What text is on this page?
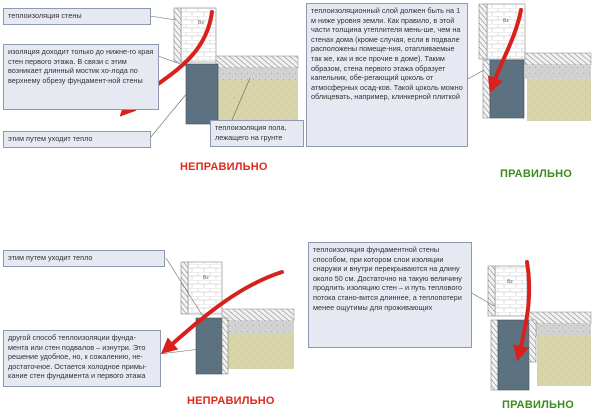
Bz	Bz
Bz
Bz
теплоизоляция стены
изоляция доходит только до нижне-го края стен первого этажа. В связи с этим возникает длинный мостик хо-лода по верхнему обрезу фундамент-ной стены
этим путем уходит тепло
теплоизоляция пола, лежащего на грунте
НЕПРАВИЛЬНО
теплоизоляционный слой должен быть на 1 м ниже уровня земли. Как правило, в этой части толщина утеплителя мень-ше, чем на стенах дома (кроме случая, если в подвале расположены помеще-ния, отапливаемые так же, как и все прочие в доме). Таким образом, стена первого этажа образует капельник, обе-регающий цоколь от атмосферных осад-ков. Такой цоколь можно облицевать, например, клинкерной плиткой
ПРАВИЛЬНО
этим путем уходит тепло
другой способ теплоизоляции фунда-мента или стен подвалов – изнутри. Это решение удобное, но, к сожалению, не-достаточное. Остается холодное примы-кание стен фундамента и первого этажа
НЕПРАВИЛЬНО
теплоизоляция фундаментной стены способом, при котором слои изоляции снаружи и внутри перекрываются на длину около 50 см. Достаточно на такую величину продлить изоляцию стен – и путь теплового потока стано-вится длиннее, а теплопотери менее ощутимы для проживающих
ПРАВИЛЬНО
